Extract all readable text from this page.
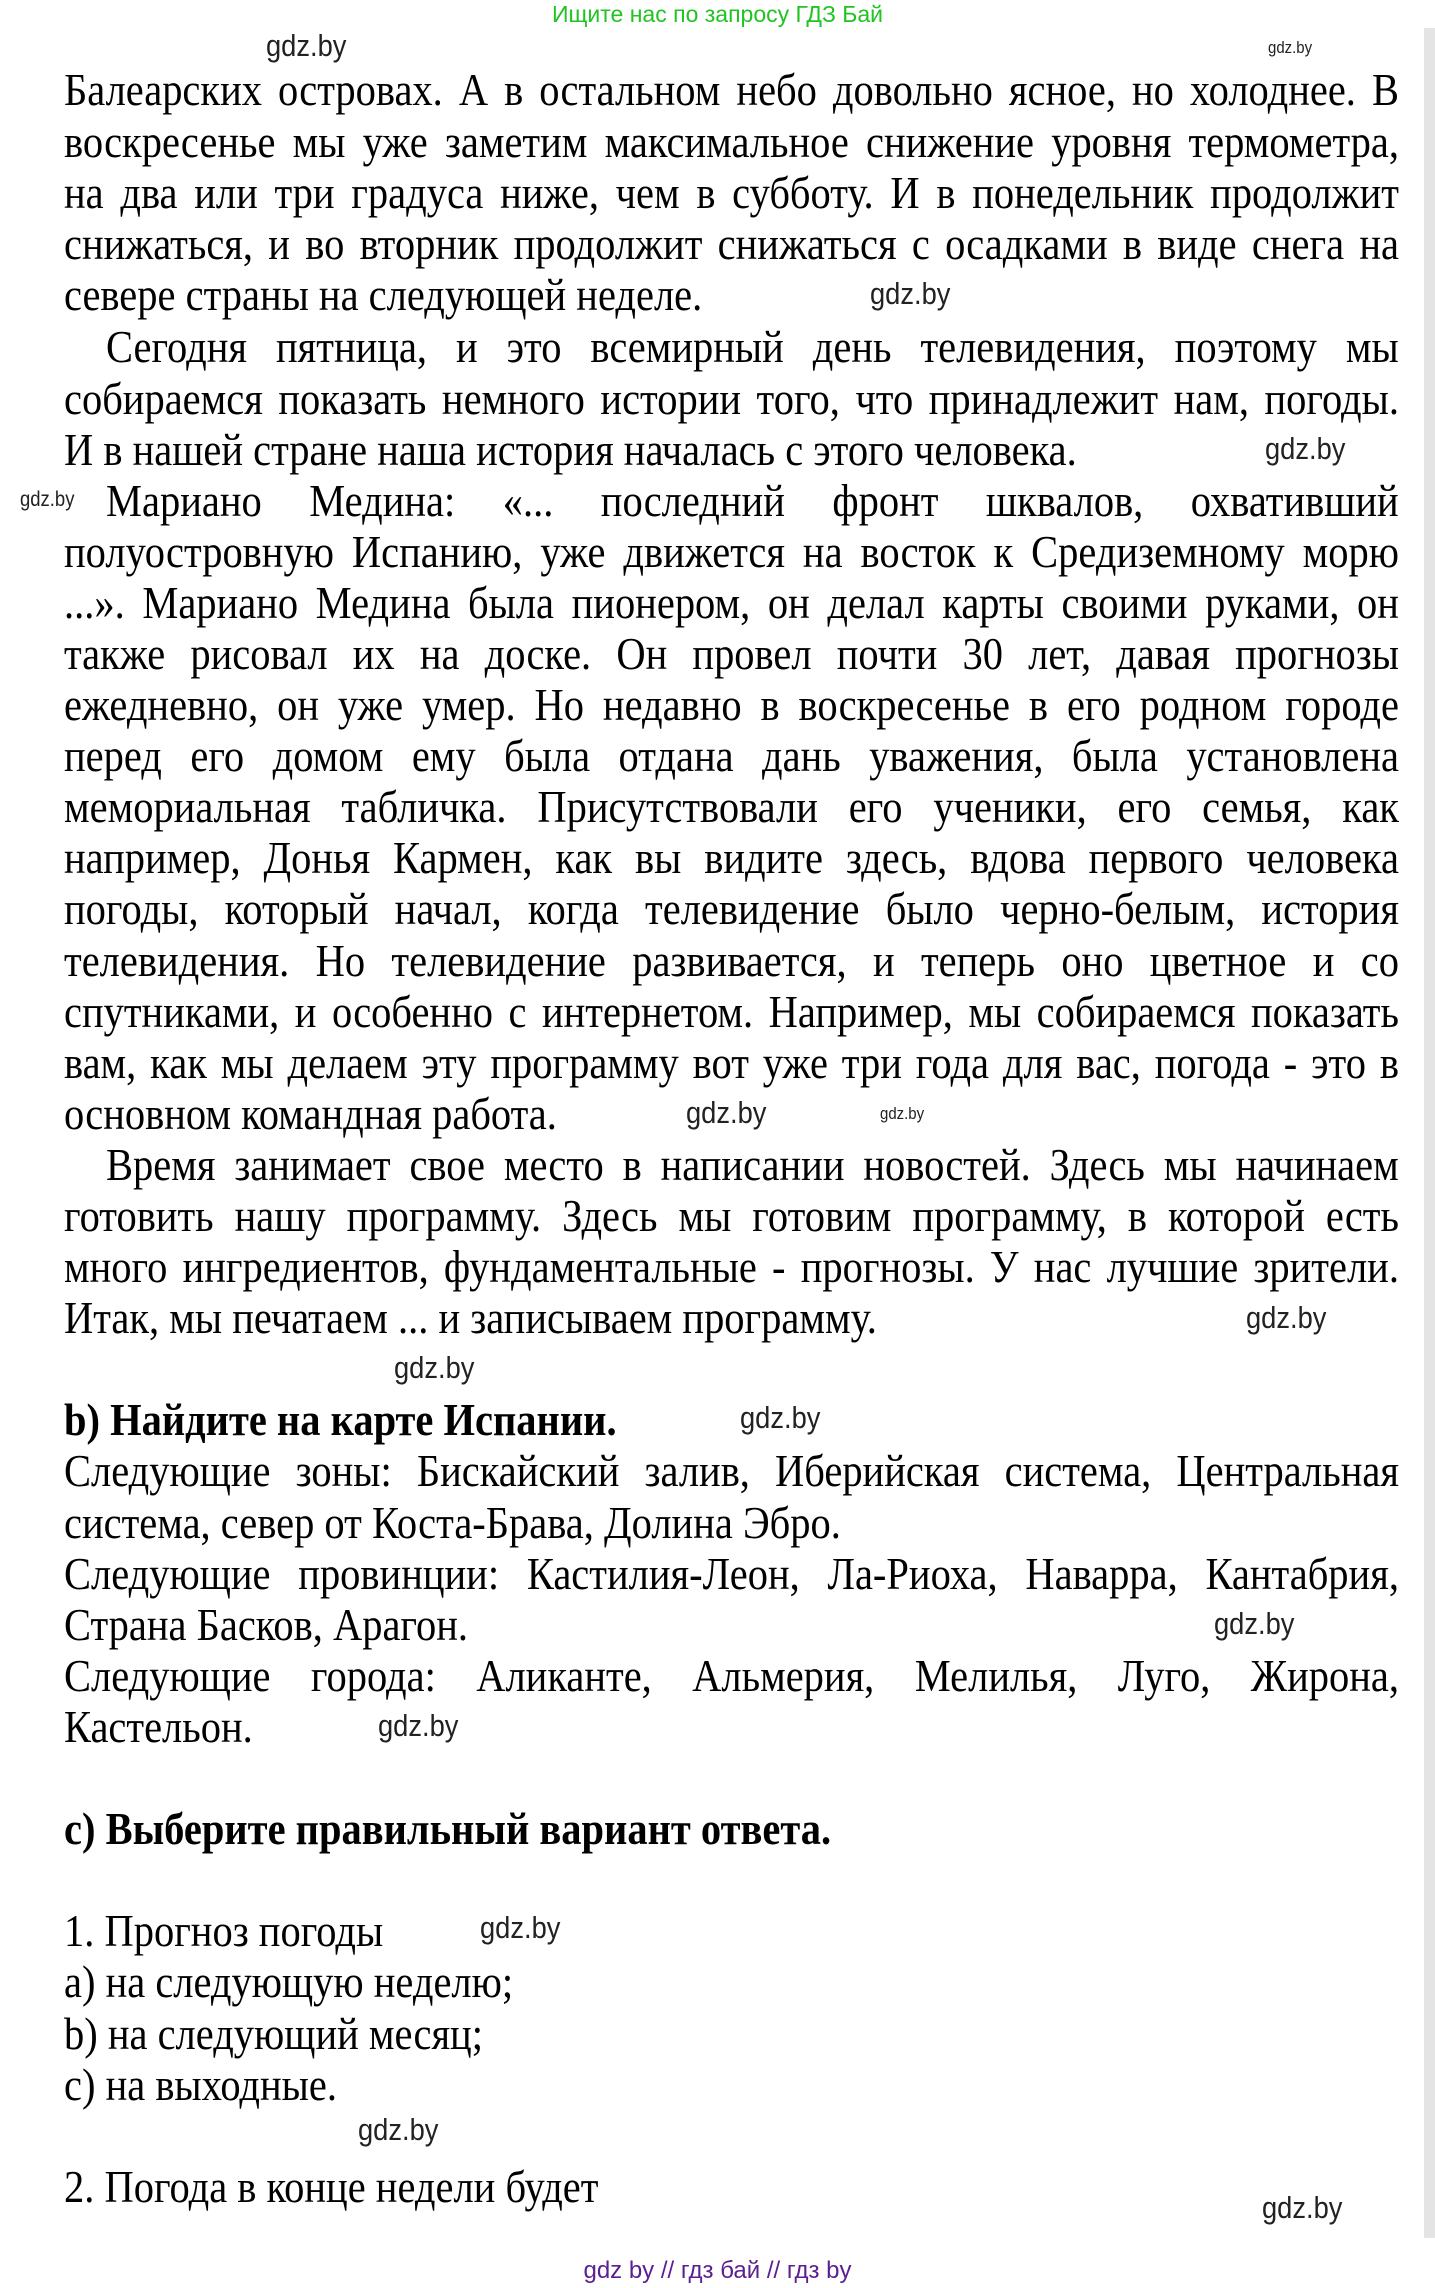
Ищите нас по запросу ГДЗ Бай
Балеарских островах. А в остальном небо довольно ясное, но холоднее. В
воскресенье мы уже заметим максимальное снижение уровня термометра,
на два или три градуса ниже, чем в субботу. И в понедельник продолжит
снижаться, и во вторник продолжит снижаться с осадками в виде снега на
севере страны на следующей неделе.
Сегодня пятница, и это всемирный день телевидения, поэтому мы
собираемся показать немного истории того, что принадлежит нам, погоды.
И в нашей стране наша история началась с этого человека.
Мариано Медина: «... последний фронт шквалов, охвативший
полуостровную Испанию, уже движется на восток к Средиземному морю
...». Мариано Медина была пионером, он делал карты своими руками, он
также рисовал их на доске. Он провел почти 30 лет, давая прогнозы
ежедневно, он уже умер. Но недавно в воскресенье в его родном городе
перед его домом ему была отдана дань уважения, была установлена
мемориальная табличка. Присутствовали его ученики, его семья, как
например, Донья Кармен, как вы видите здесь, вдова первого человека
погоды, который начал, когда телевидение было черно-белым, история
телевидения. Но телевидение развивается, и теперь оно цветное и со
спутниками, и особенно с интернетом. Например, мы собираемся показать
вам, как мы делаем эту программу вот уже три года для вас, погода - это в
основном командная работа.
Время занимает свое место в написании новостей. Здесь мы начинаем
готовить нашу программу. Здесь мы готовим программу, в которой есть
много ингредиентов, фундаментальные - прогнозы. У нас лучшие зрители.
Итак, мы печатаем ... и записываем программу.
b) Найдите на карте Испании.
Следующие зоны: Бискайский залив, Иберийская система, Центральная
система, север от Коста-Брава, Долина Эбро.
Следующие провинции: Кастилия-Леон, Ла-Риоха, Наварра, Кантабрия,
Страна Басков, Арагон.
Следующие города: Аликанте, Альмерия, Мелилья, Луго, Жирона,
Кастельон.
c) Выберите правильный вариант ответа.
1. Прогноз погоды
a) на следующую неделю;
b) на следующий месяц;
c) на выходные.
2. Погода в конце недели будет
gdz.by	gdz.by
gdz.by
gdz.by
gdz.by
gdz.by
gdz.by
gdz.by
gdz.by
gdz.by
gdz.by
gdz.by
gdz.by
gdz.by
gdz.by
gdz by // гдз бай // гдз by
